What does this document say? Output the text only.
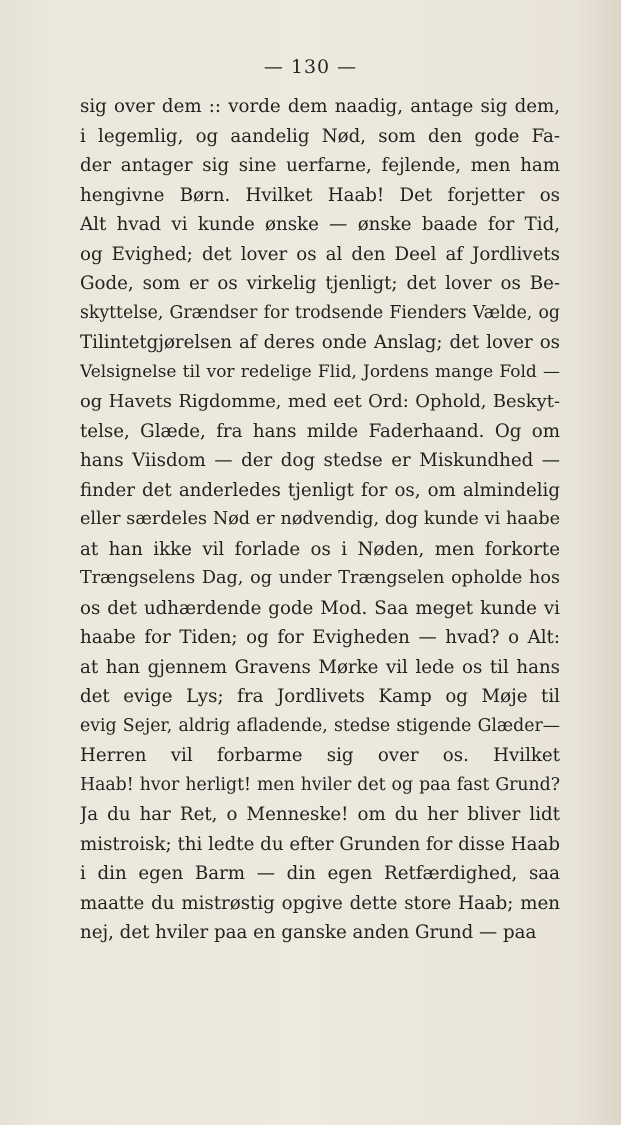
— 130 —
sig over dem :: vorde dem naadig, antage sig dem,
i legemlig, og aandelig Nød, som den gode Fa-
der antager sig sine uerfarne, fejlende, men ham
hengivne Børn. Hvilket Haab! Det forjetter os
Alt hvad vi kunde ønske — ønske baade for Tid,
og Evighed; det lover os al den Deel af Jordlivets
Gode, som er os virkelig tjenligt; det lover os Be-
skyttelse, Grændser for trodsende Fienders Vælde, og
Tilintetgjørelsen af deres onde Anslag; det lover os
Velsignelse til vor redelige Flid, Jordens mange Fold —
og Havets Rigdomme, med eet Ord: Ophold, Beskyt-
telse, Glæde, fra hans milde Faderhaand. Og om
hans Viisdom — der dog stedse er Miskundhed —
finder det anderledes tjenligt for os, om almindelig
eller særdeles Nød er nødvendig, dog kunde vi haabe
at han ikke vil forlade os i Nøden, men forkorte
Trængselens Dag, og under Trængselen opholde hos
os det udhærdende gode Mod. Saa meget kunde vi
haabe for Tiden; og for Evigheden — hvad? o Alt:
at han gjennem Gravens Mørke vil lede os til hans
det evige Lys; fra Jordlivets Kamp og Møje til
evig Sejer, aldrig afladende, stedse stigende Glæder—
Herren vil forbarme sig over os. Hvilket
Haab! hvor herligt! men hviler det og paa fast Grund?
Ja du har Ret, o Menneske! om du her bliver lidt
mistroisk; thi ledte du efter Grunden for disse Haab
i din egen Barm — din egen Retfærdighed, saa
maatte du mistrøstig opgive dette store Haab; men
nej, det hviler paa en ganske anden Grund — paa
